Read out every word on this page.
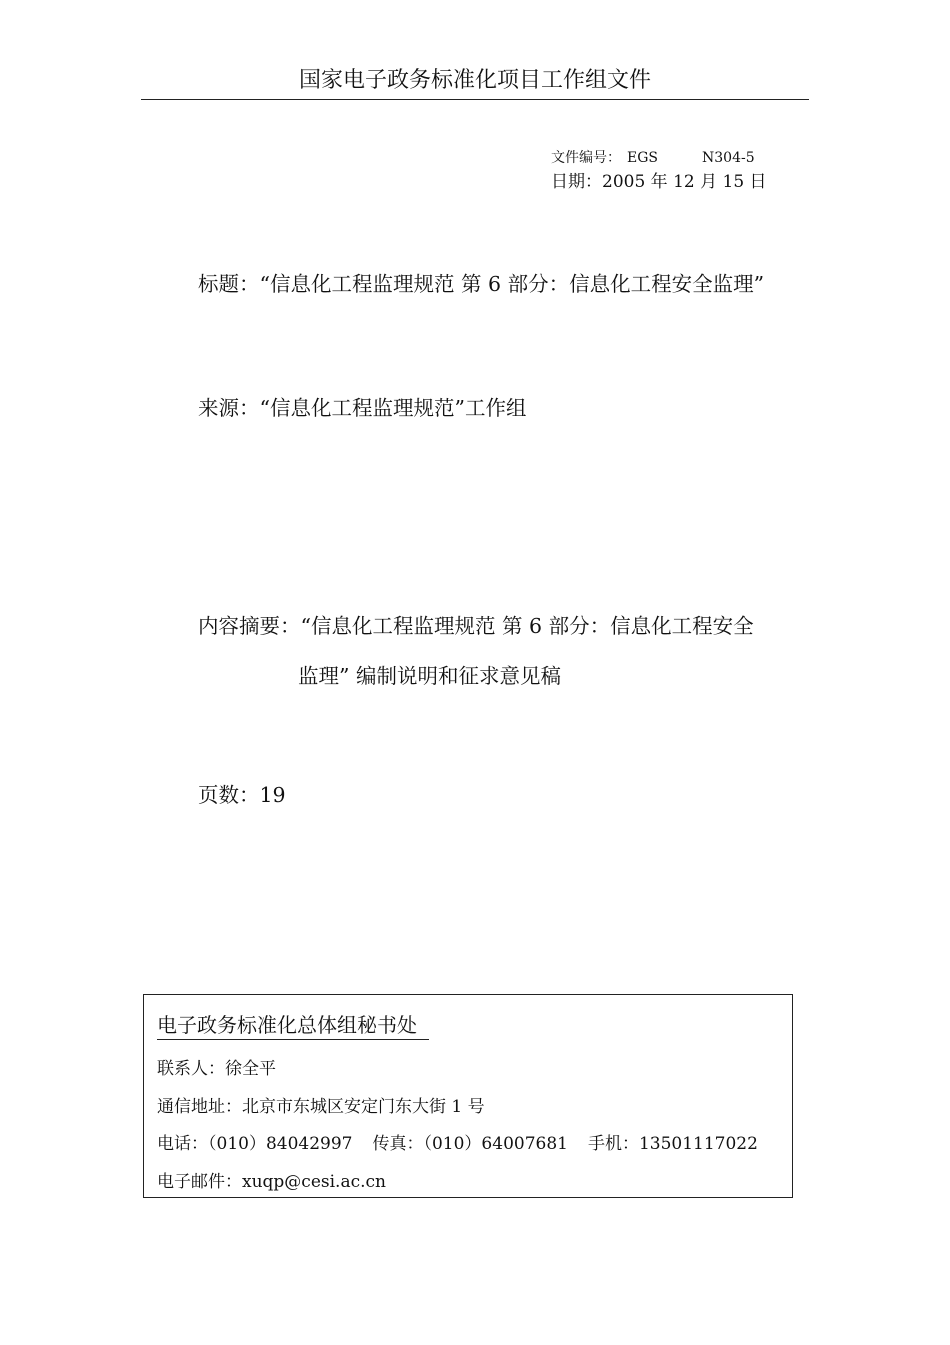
国家电子政务标准化项目工作组文件
文件编号： EGS	N304-5
日期：2005 年 12 月 15 日
标题：“信息化工程监理规范 第 6 部分：信息化工程安全监理”
来源：“信息化工程监理规范”工作组
内容摘要：“信息化工程监理规范 第 6 部分：信息化工程安全
监理” 编制说明和征求意见稿
页数：19
电子政务标准化总体组秘书处
联系人：徐全平
通信地址：北京市东城区安定门东大街 1 号
电话：（010）84042997 传真：（010）64007681 手机：13501117022
电子邮件：xuqp@cesi.ac.cn
